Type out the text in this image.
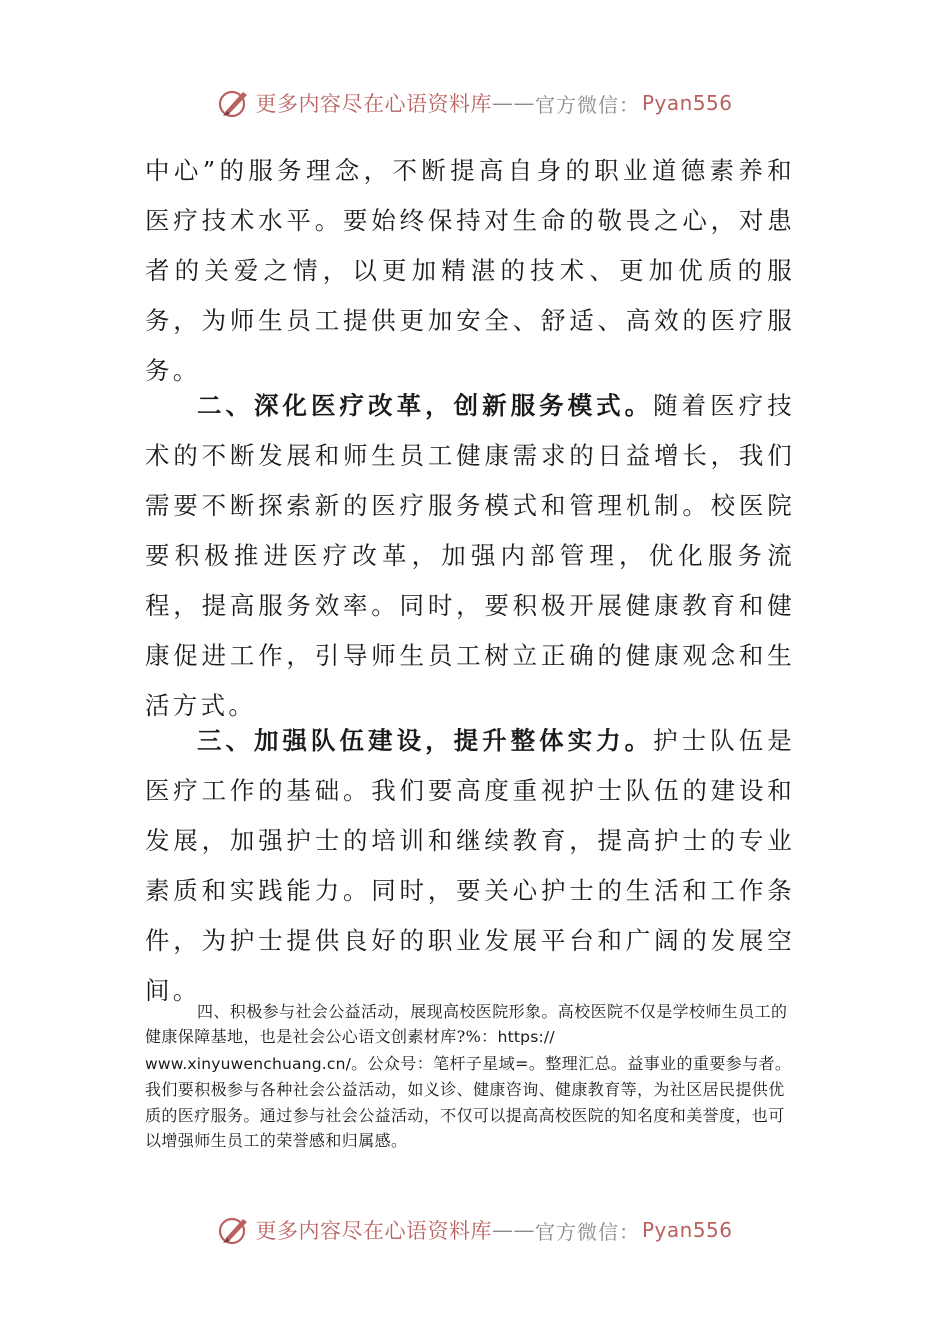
更多内容尽在心语资料库 —— 官方微信： Pyan556

中心”的服务理念，不断提高自身的职业道德素养和医疗技术水平。要始终保持对生命的敬畏之心，对患者的关爱之情，以更加精湛的技术、更加优质的服务，为师生员工提供更加安全、舒适、高效的医疗服务。

二、深化医疗改革，创新服务模式。随着医疗技术的不断发展和师生员工健康需求的日益增长，我们需要不断探索新的医疗服务模式和管理机制。校医院要积极推进医疗改革，加强内部管理，优化服务流程，提高服务效率。同时，要积极开展健康教育和健康促进工作，引导师生员工树立正确的健康观念和生活方式。

三、加强队伍建设，提升整体实力。护士队伍是医疗工作的基础。我们要高度重视护士队伍的建设和发展，加强护士的培训和继续教育，提高护士的专业素质和实践能力。同时，要关心护士的生活和工作条件，为护士提供良好的职业发展平台和广阔的发展空间。

四、积极参与社会公益活动，展现高校医院形象。高校医院不仅是学校师生员工的健康保障基地，也是社会公心语文创素材库?%：https://
www.xinyuwenchuang.cn/。公众号：笔杆子星域=。整理汇总。益事业的重要参与者。我们要积极参与各种社会公益活动，如义诊、健康咨询、健康教育等，为社区居民提供优质的医疗服务。通过参与社会公益活动，不仅可以提高高校医院的知名度和美誉度，也可以增强师生员工的荣誉感和归属感。

更多内容尽在心语资料库 —— 官方微信： Pyan556
